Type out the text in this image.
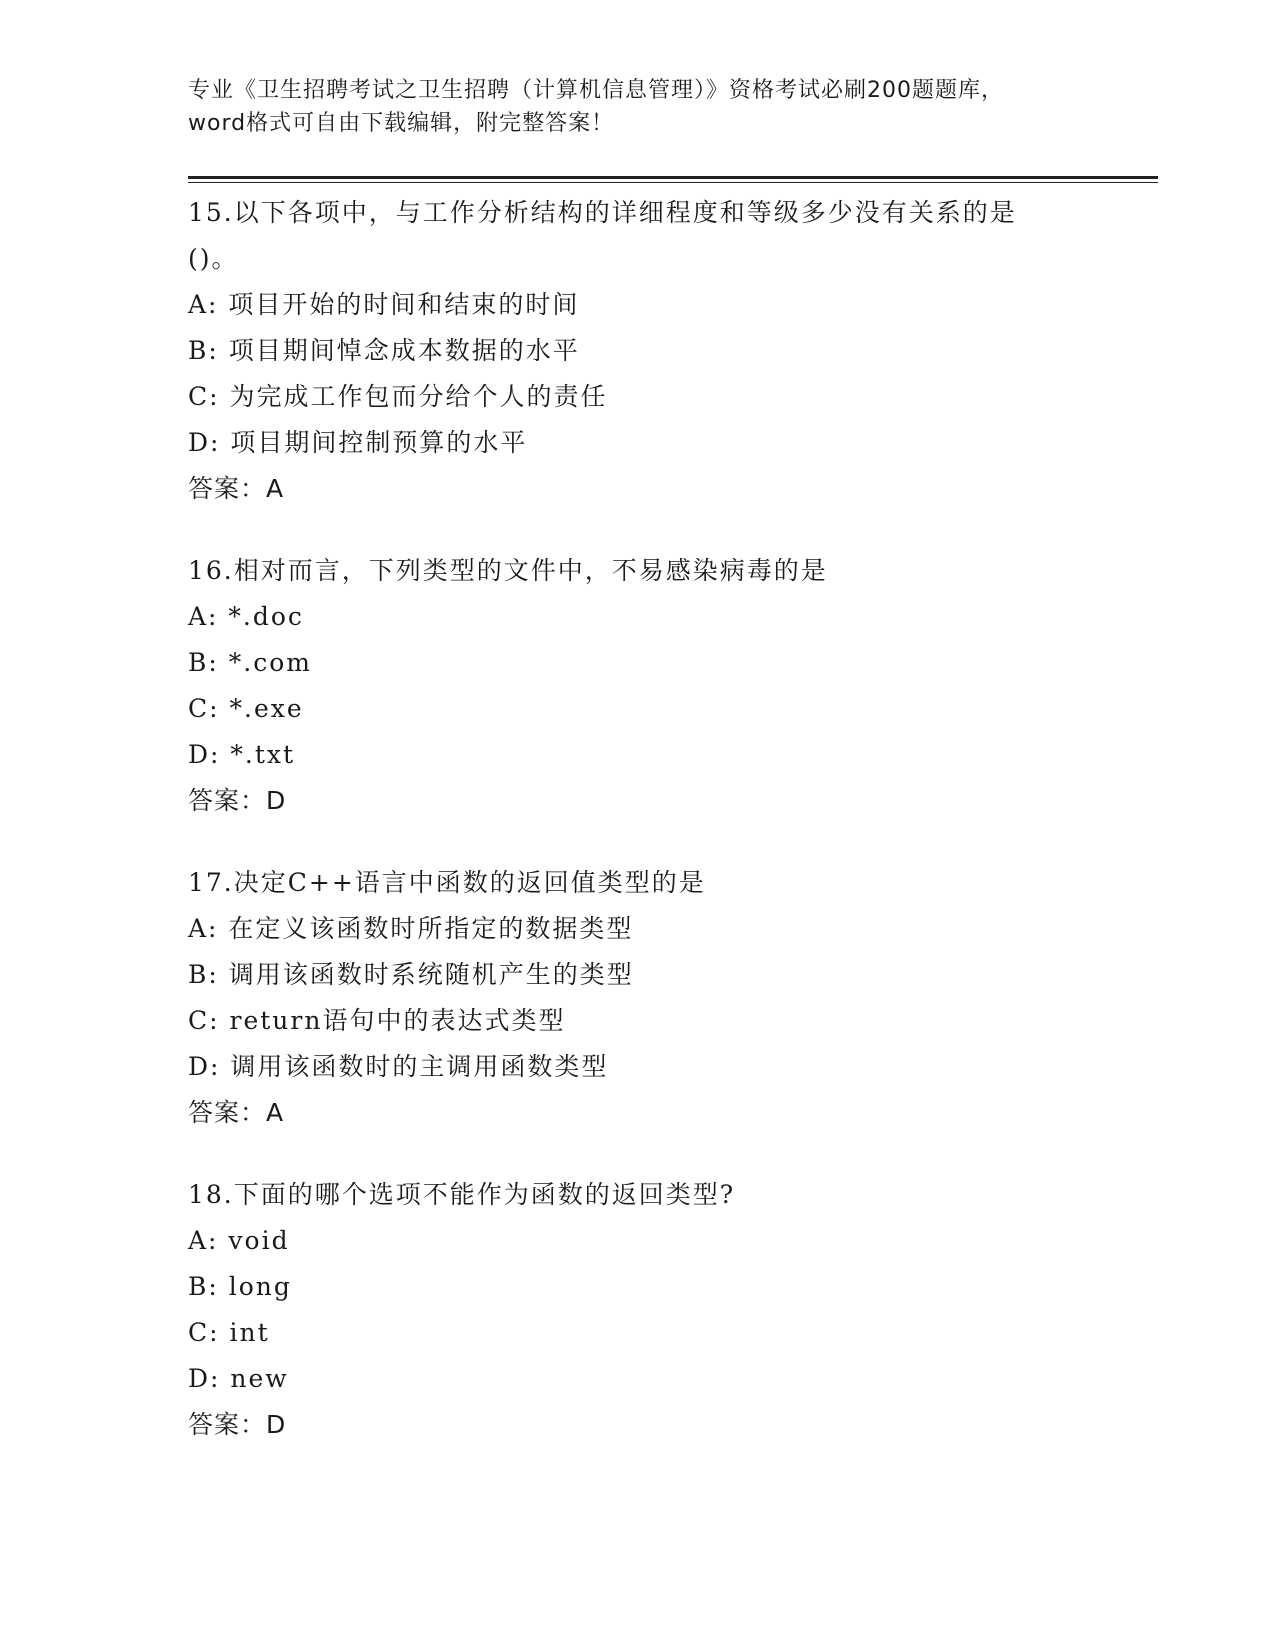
专业《卫生招聘考试之卫生招聘（计算机信息管理）》资格考试必刷200题题库，
word格式可自由下载编辑，附完整答案！
15.以下各项中，与工作分析结构的详细程度和等级多少没有关系的是
()。
A: 项目开始的时间和结束的时间
B: 项目期间悼念成本数据的水平
C: 为完成工作包而分给个人的责任
D: 项目期间控制预算的水平
答案：A
16.相对而言，下列类型的文件中，不易感染病毒的是
A: *.doc
B: *.com
C: *.exe
D: *.txt
答案：D
17.决定C++语言中函数的返回值类型的是
A: 在定义该函数时所指定的数据类型
B: 调用该函数时系统随机产生的类型
C: return语句中的表达式类型
D: 调用该函数时的主调用函数类型
答案：A
18.下面的哪个选项不能作为函数的返回类型?
A: void
B: long
C: int
D: new
答案：D
